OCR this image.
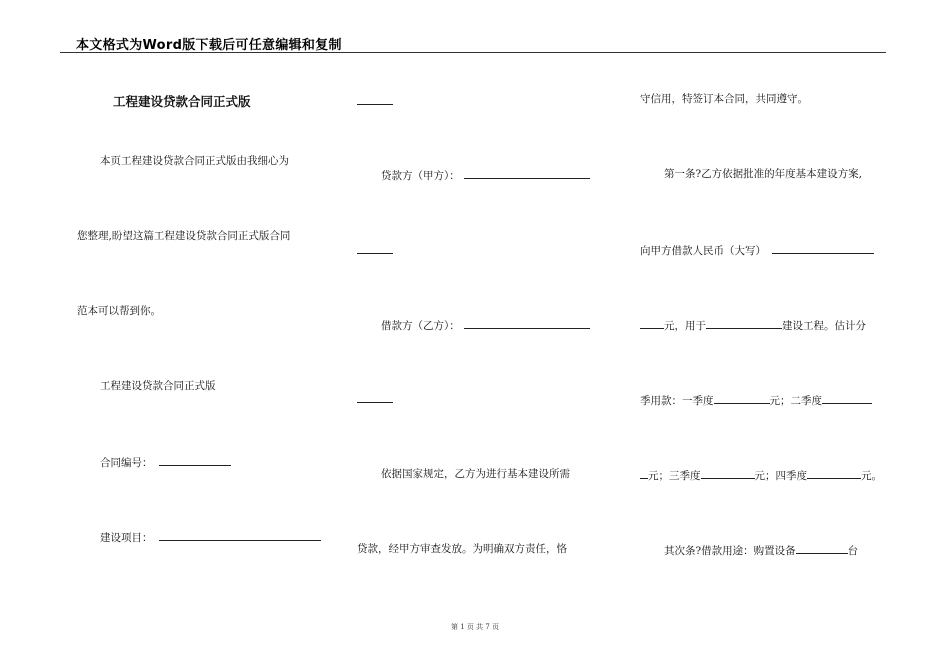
本文格式为Word版下载后可任意编辑和复制
工程建设贷款合同正式版
本页工程建设贷款合同正式版由我细心为
您整理,盼望这篇工程建设贷款合同正式版合同
范本可以帮到你。
工程建设贷款合同正式版
合同编号：
建设项目：
贷款方（甲方）：
借款方（乙方）：
依据国家规定，乙方为进行基本建设所需
贷款，经甲方审查发放。为明确双方责任，恪
守信用，特签订本合同，共同遵守。
第一条?乙方依据批准的年度基本建设方案,
向甲方借款人民币（大写）
元，用于	建设工程。估计分
季用款：一季度	元；二季度
元；三季度	元；四季度	元。
其次条?借款用途：购置设备	台
第 1 页 共 7 页
